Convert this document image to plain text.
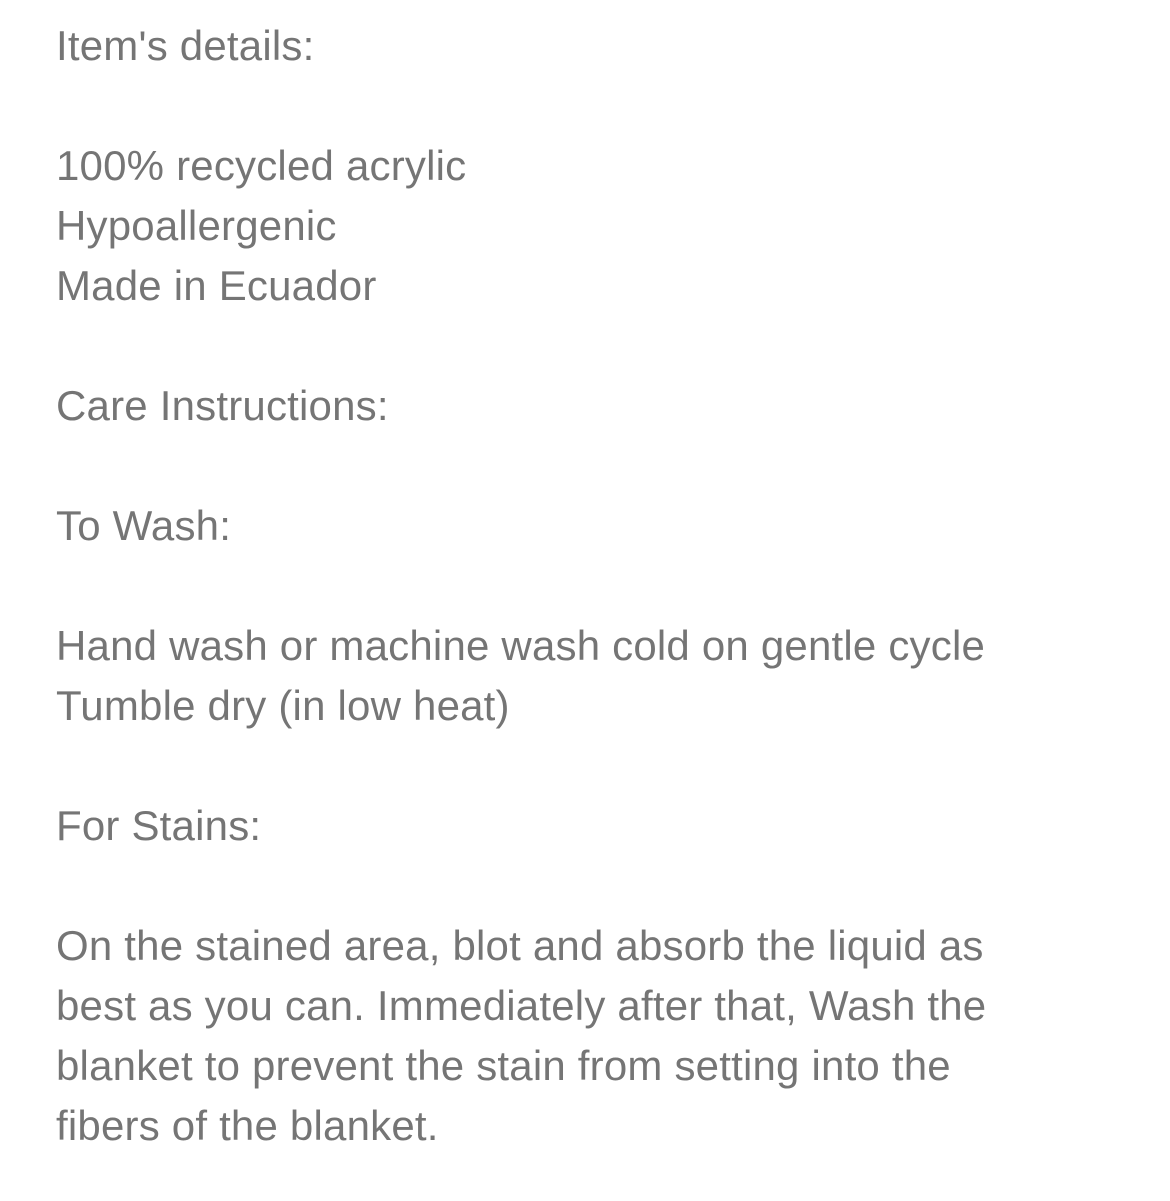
Item's details:
100% recycled acrylic
Hypoallergenic
Made in Ecuador
Care Instructions:
To Wash:
Hand wash or machine wash cold on gentle cycle
Tumble dry (in low heat)
For Stains:
On the stained area, blot and absorb the liquid as
best as you can. Immediately after that, Wash the
blanket to prevent the stain from setting into the
fibers of the blanket.
